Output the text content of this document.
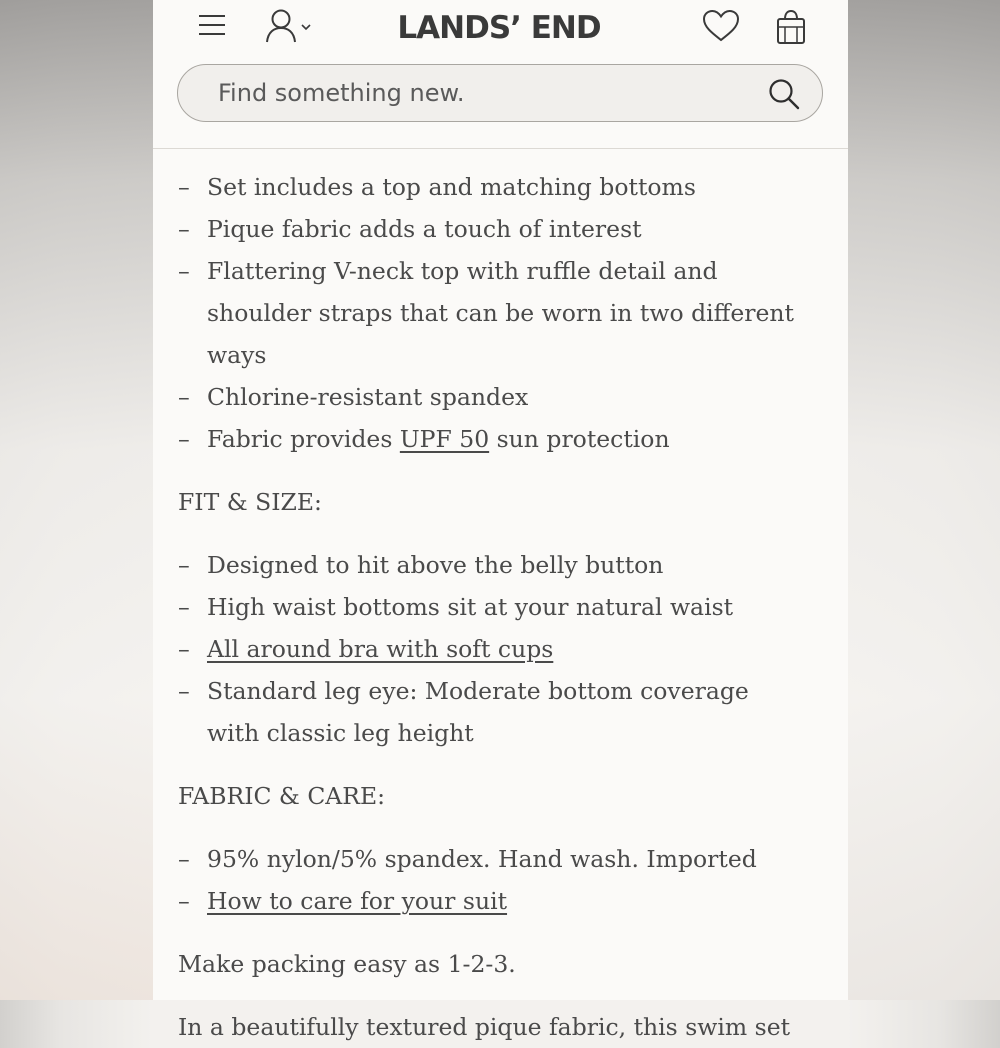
LANDS’ END
Find something new.
– Set includes a top and matching bottoms
– Pique fabric adds a touch of interest
– Flattering V-neck top with ruffle detail and shoulder straps that can be worn in two different ways
– Chlorine-resistant spandex
– Fabric provides UPF 50 sun protection
FIT & SIZE:
– Designed to hit above the belly button
– High waist bottoms sit at your natural waist
– All around bra with soft cups
– Standard leg eye: Moderate bottom coverage with classic leg height
FABRIC & CARE:
– 95% nylon/5% spandex. Hand wash. Imported
– How to care for your suit

Make packing easy as 1-2-3.

In a beautifully textured pique fabric, this swim set
